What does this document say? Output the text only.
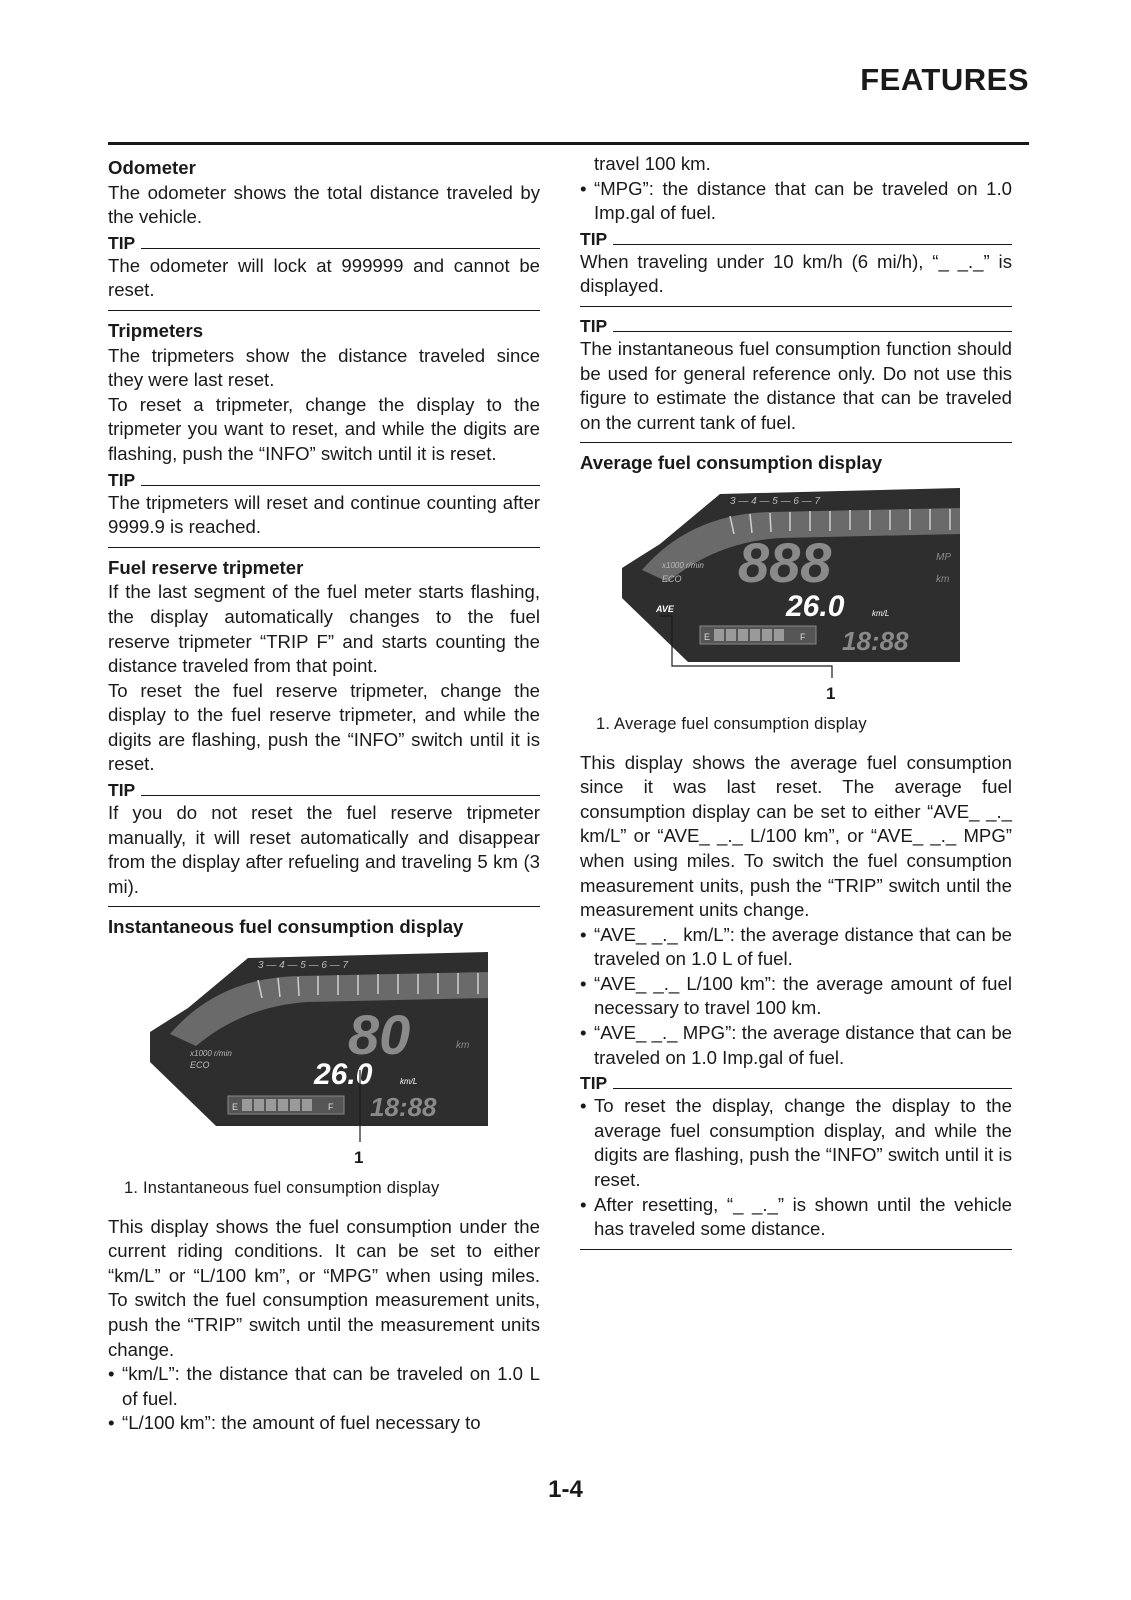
FEATURES
Odometer

The odometer shows the total distance traveled by the vehicle.

TIP

The odometer will lock at 999999 and cannot be reset.

Tripmeters

The tripmeters show the distance traveled since they were last reset.

To reset a tripmeter, change the display to the tripmeter you want to reset, and while the digits are flashing, push the “INFO” switch until it is reset.

TIP

The tripmeters will reset and continue counting after 9999.9 is reached.

Fuel reserve tripmeter

If the last segment of the fuel meter starts flashing, the display automatically changes to the fuel reserve tripmeter “TRIP F” and starts counting the distance traveled from that point.

To reset the fuel reserve tripmeter, change the display to the fuel reserve tripmeter, and while the digits are flashing, push the “INFO” switch until it is reset.

TIP

If you do not reset the fuel reserve tripmeter manually, it will reset automatically and disappear from the display after refueling and traveling 5 km (3 mi).

Instantaneous fuel consumption display
3 — 4 — 5 — 6 — 7
x1000 r/min
ECO 80	km
26.0	km/L
E	F 18:88
1
1. Instantaneous fuel consumption display

This display shows the fuel consumption under the current riding conditions. It can be set to either “km/L” or “L/100 km”, or “MPG” when using miles. To switch the fuel consumption measurement units, push the “TRIP” switch until the measurement units change.

• “km/L”: the distance that can be traveled on 1.0 L of fuel.
• “L/100 km”: the amount of fuel necessary to

travel 100 km.

• “MPG”: the distance that can be traveled on 1.0 Imp.gal of fuel.
TIP

When traveling under 10 km/h (6 mi/h), “_ _._” is displayed.

TIP

The instantaneous fuel consumption function should be used for general reference only. Do not use this figure to estimate the distance that can be traveled on the current tank of fuel.

Average fuel consumption display
3 — 4 — 5 — 6 — 7
x1000 r/min
ECO 888	MP
km
AVE	26.0	km/L
E	F 18:88
1
1. Average fuel consumption display

This display shows the average fuel consumption since it was last reset. The average fuel consumption display can be set to either “AVE_ _._ km/L” or “AVE_ _._ L/100 km”, or “AVE_ _._ MPG” when using miles. To switch the fuel consumption measurement units, push the “TRIP” switch until the measurement units change.

• “AVE_ _._ km/L”: the average distance that can be traveled on 1.0 L of fuel.
• “AVE_ _._ L/100 km”: the average amount of fuel necessary to travel 100 km.
• “AVE_ _._ MPG”: the average distance that can be traveled on 1.0 Imp.gal of fuel.
TIP
• To reset the display, change the display to the average fuel consumption display, and while the digits are flashing, push the “INFO” switch until it is reset.
• After resetting, “_ _._” is shown until the vehicle has traveled some distance.
1-4
